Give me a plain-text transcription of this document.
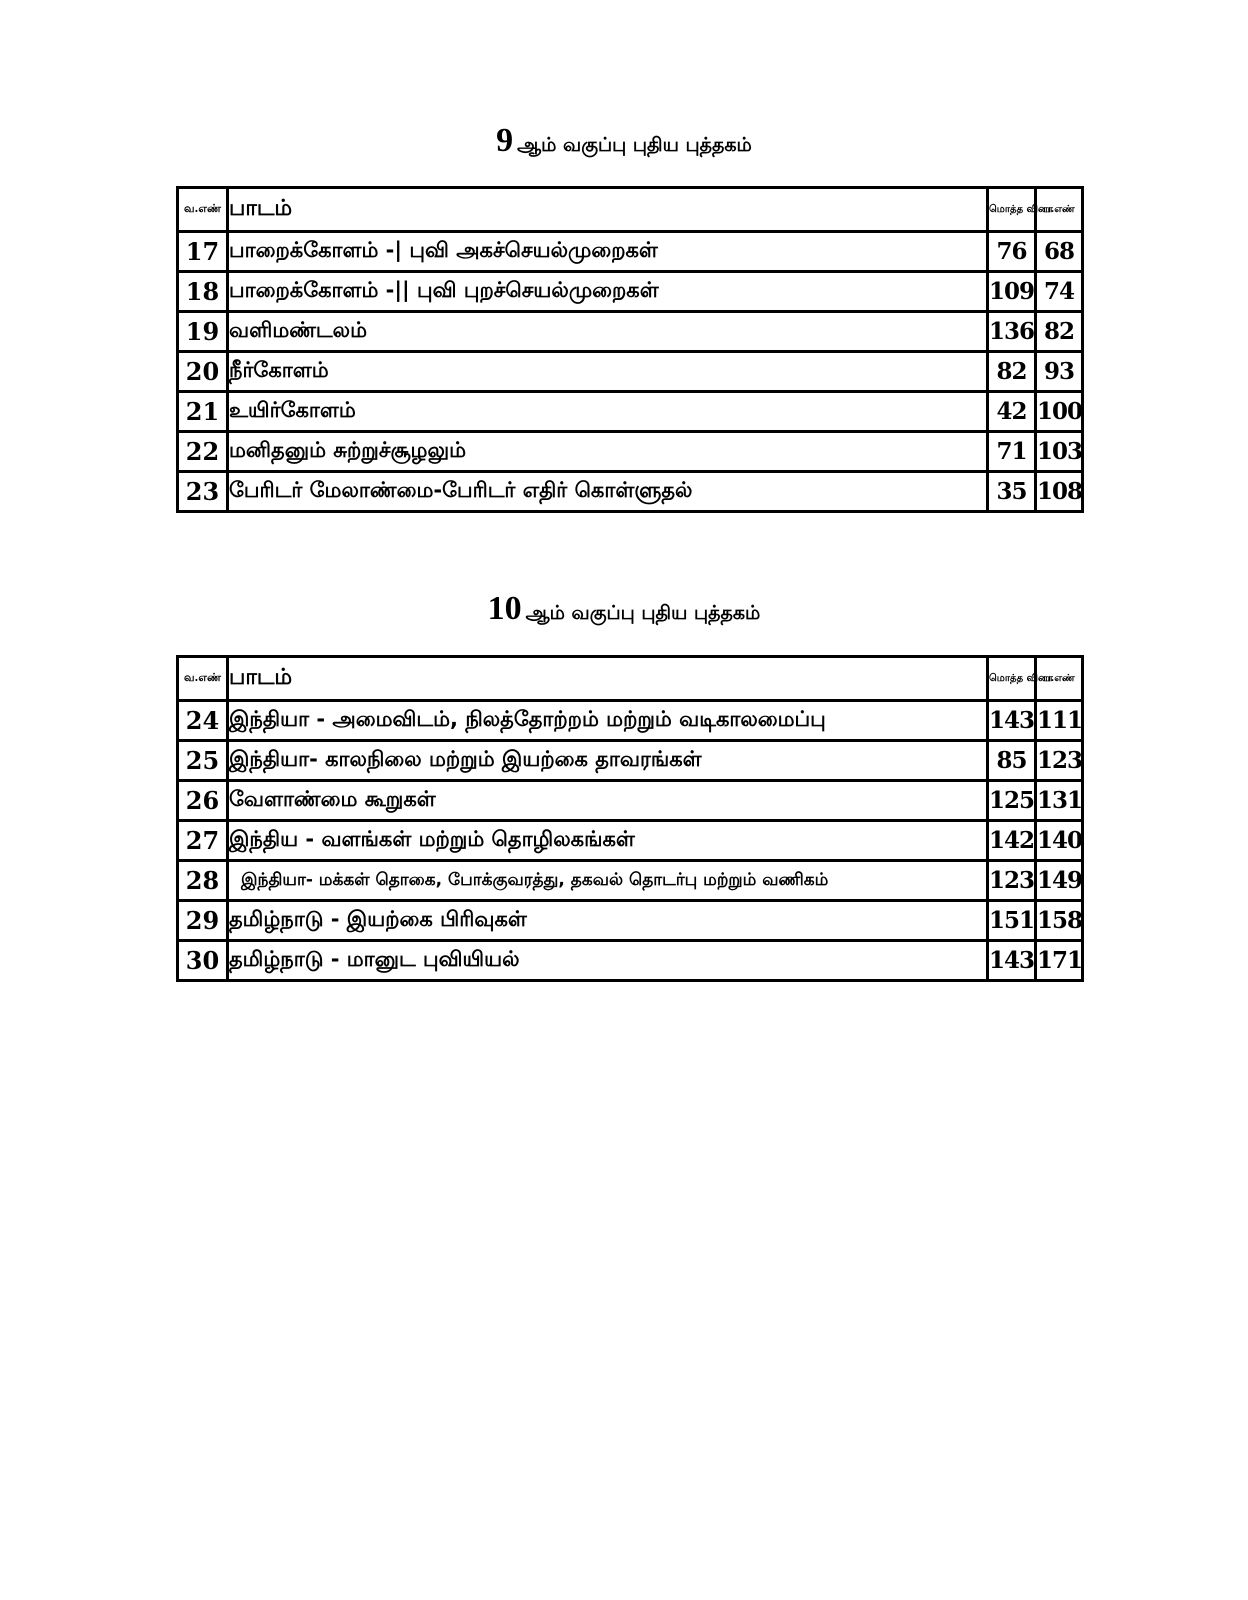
9 ஆம் வகுப்பு புதிய புத்தகம்
வ.எண்	பாடம்	மொத்த வினா	ப.எண்
17	பாறைக்கோளம் -| புவி அகச்செயல்முறைகள்	76	68
18	பாறைக்கோளம் -|| புவி புறச்செயல்முறைகள்	109	74
19	வளிமண்டலம்	136	82
20	நீர்கோளம்	82	93
21	உயிர்கோளம்	42	100
22	மனிதனும் சுற்றுச்சூழலும்	71	103
23	பேரிடர் மேலாண்மை-பேரிடர் எதிர் கொள்ளுதல்	35	108
10 ஆம் வகுப்பு புதிய புத்தகம்
வ.எண்	பாடம்	மொத்த வினா	ப.எண்
24	இந்தியா - அமைவிடம், நிலத்தோற்றம் மற்றும் வடிகாலமைப்பு	143	111
25	இந்தியா- காலநிலை மற்றும் இயற்கை தாவரங்கள்	85	123
26	வேளாண்மை கூறுகள்	125	131
27	இந்திய - வளங்கள் மற்றும் தொழிலகங்கள்	142	140
28	இந்தியா- மக்கள் தொகை, போக்குவரத்து, தகவல் தொடர்பு மற்றும் வணிகம்	123	149
29	தமிழ்நாடு - இயற்கை பிரிவுகள்	151	158
30	தமிழ்நாடு - மானுட புவியியல்	143	171
